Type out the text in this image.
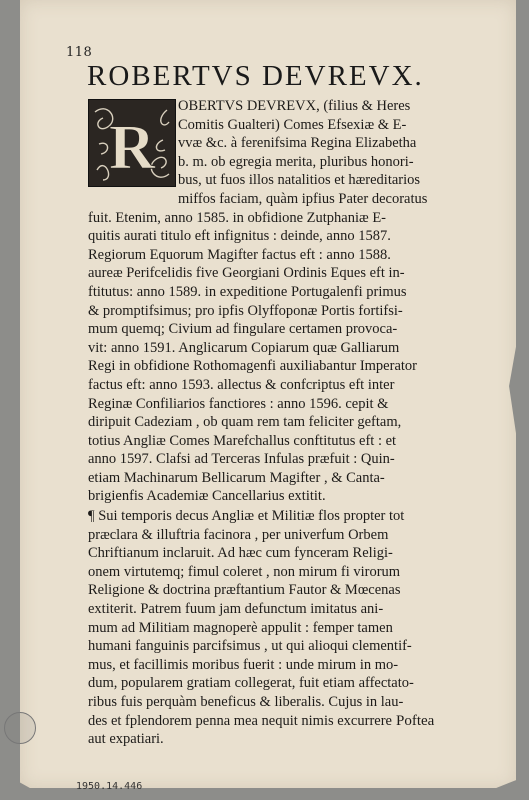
118
ROBERTVS DEVREVX.
R
OBERTVS DEVREVX, (filius & Heres
Comitis Gualteri) Comes Efsexiæ & E-
vvæ &c. à ferenifsima Regina Elizabetha
b. m. ob egregia merita, pluribus honori-
bus, ut fuos illos natalitios et hæreditarios
miffos faciam, quàm ipfius Pater decoratus
fuit. Etenim, anno 1585. in obfidione Zutphaniæ E-
quitis aurati titulo eft infignitus : deinde, anno 1587.
Regiorum Equorum Magifter factus eft : anno 1588.
aureæ Perifcelidis five Georgiani Ordinis Eques eft in-
ftitutus: anno 1589. in expeditione Portugalenfi primus
& promptifsimus; pro ipfis Olyffoponæ Portis fortifsi-
mum quemq; Civium ad fingulare certamen provoca-
vit: anno 1591. Anglicarum Copiarum quæ Galliarum
Regi in obfidione Rothomagenfi auxiliabantur Imperator
factus eft: anno 1593. allectus & confcriptus eft inter
Reginæ Confiliarios fanctiores : anno 1596. cepit &
diripuit Cadeziam , ob quam rem tam feliciter geftam,
totius Angliæ Comes Marefchallus conftitutus eft : et
anno 1597. Clafsi ad Terceras Infulas præfuit : Quin-
etiam Machinarum Bellicarum Magifter , & Canta-
brigienfis Academiæ Cancellarius extitit.
¶ Sui temporis decus Angliæ et Militiæ flos propter tot
præclara & illuftria facinora , per univerfum Orbem
Chriftianum inclaruit. Ad hæc cum fynceram Religi-
onem virtutemq; fimul coleret , non mirum fi virorum
Religione & doctrina præftantium Fautor & Mœcenas
extiterit. Patrem fuum jam defunctum imitatus ani-
mum ad Militiam magnoperè appulit : femper tamen
humani fanguinis parcifsimus , ut qui alioqui clementif-
mus, et facillimis moribus fuerit : unde mirum in mo-
dum, popularem gratiam collegerat, fuit etiam affectato-
ribus fuis perquàm beneficus & liberalis. Cujus in lau-
des et fplendorem penna mea nequit nimis excurrere
aut expatiari.
Poftea
1950.14.446
